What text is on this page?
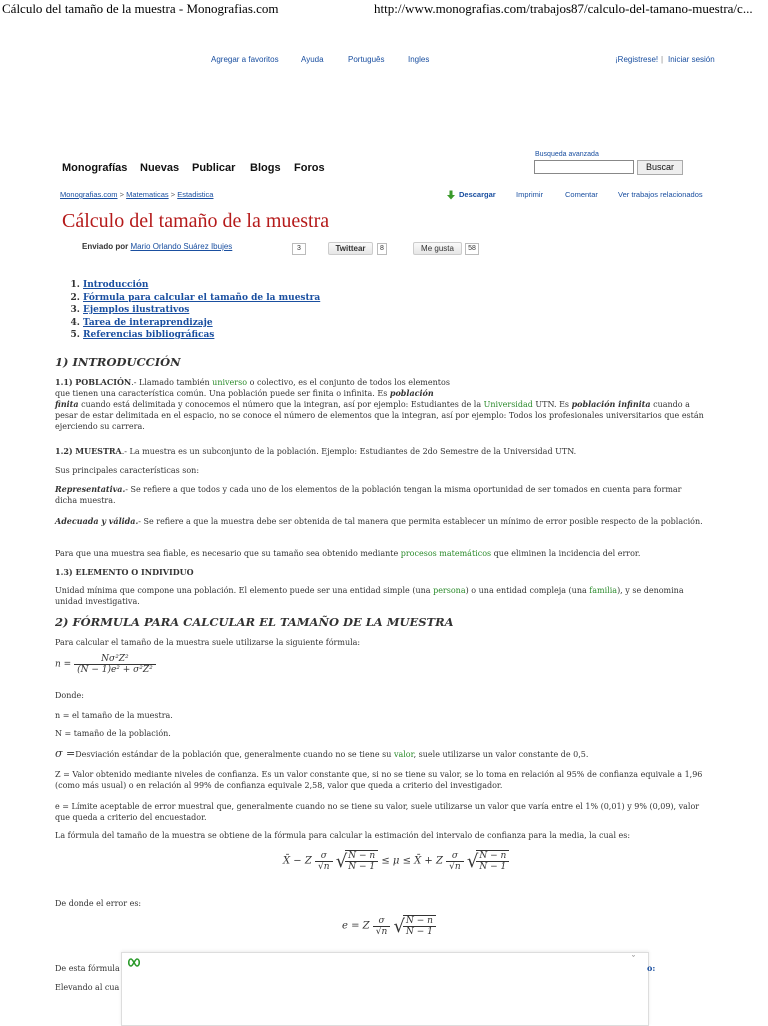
Cálculo del tamaño de la muestra - Monografias.com	http://www.monografias.com/trabajos87/calculo-del-tamano-muestra/c...
Agregar a favoritos	Ayuda	Português	Ingles	¡Registrese! | Iniciar sesión
Monografías Nuevas Publicar Blogs Foros
Busqueda avanzada
Buscar
Monografias.com > Matematicas > Estadistica	Descargar	Imprimir	Comentar	Ver trabajos relacionados
Cálculo del tamaño de la muestra
Enviado por Mario Orlando Suárez Ibujes	3	Twittear	8	Me gusta	58
1. Introducción
2. Fórmula para calcular el tamaño de la muestra
3. Ejemplos ilustrativos
4. Tarea de interaprendizaje
5. Referencias bibliográficas
1) INTRODUCCIÓN
1.1) POBLACIÓN.- Llamado también universo o colectivo, es el conjunto de todos los elementos
que tienen una característica común. Una población puede ser finita o infinita. Es población
finita cuando está delimitada y conocemos el número que la integran, así por ejemplo: Estudiantes de la Universidad UTN. Es población infinita cuando a pesar de estar delimitada en el espacio, no se conoce el número de elementos que la integran, así por ejemplo: Todos los profesionales universitarios que están ejerciendo su carrera.
1.2) MUESTRA.- La muestra es un subconjunto de la población. Ejemplo: Estudiantes de 2do Semestre de la Universidad UTN.
Sus principales características son:
Representativa.- Se refiere a que todos y cada uno de los elementos de la población tengan la misma oportunidad de ser tomados en cuenta para formar dicha muestra.
Adecuada y válida.- Se refiere a que la muestra debe ser obtenida de tal manera que permita establecer un mínimo de error posible respecto de la población.
Para que una muestra sea fiable, es necesario que su tamaño sea obtenido mediante procesos matemáticos que eliminen la incidencia del error.
1.3) ELEMENTO O INDIVIDUO
Unidad mínima que compone una población. El elemento puede ser una entidad simple (una persona) o una entidad compleja (una familia), y se denomina unidad investigativa.
2) FÓRMULA PARA CALCULAR EL TAMAÑO DE LA MUESTRA
Para calcular el tamaño de la muestra suele utilizarse la siguiente fórmula:
$n = \frac{\text{Nσ²Z²}}{\text{(N − 1)e² + σ²Z²}}$
Donde:
n = el tamaño de la muestra.
N = tamaño de la población.
σ =Desviación estándar de la población que, generalmente cuando no se tiene su valor, suele utilizarse un valor constante de 0,5.
Z = Valor obtenido mediante niveles de confianza. Es un valor constante que, si no se tiene su valor, se lo toma en relación al 95% de confianza equivale a 1,96 (como más usual) o en relación al 99% de confianza equivale 2,58, valor que queda a criterio del investigador.
e = Límite aceptable de error muestral que, generalmente cuando no se tiene su valor, suele utilizarse un valor que varía entre el 1% (0,01) y 9% (0,09), valor que queda a criterio del encuestador.
La fórmula del tamaño de la muestra se obtiene de la fórmula para calcular la estimación del intervalo de confianza para la media, la cual es:
X̄ − Z $\frac{\sigma}{√n}$ √
$\frac{N - n}{N - 1} \le \mu$ ≤ X̄ + Z $\frac{\sigma}{√n}$ √
$\frac{N - n}{N - 1}$
De donde el error es:
e = Z $\frac{\sigma}{√n}$ √
$\frac{N - n}{N - 1}$
De esta fórmula
Elevando al cua
ˇ
o:
